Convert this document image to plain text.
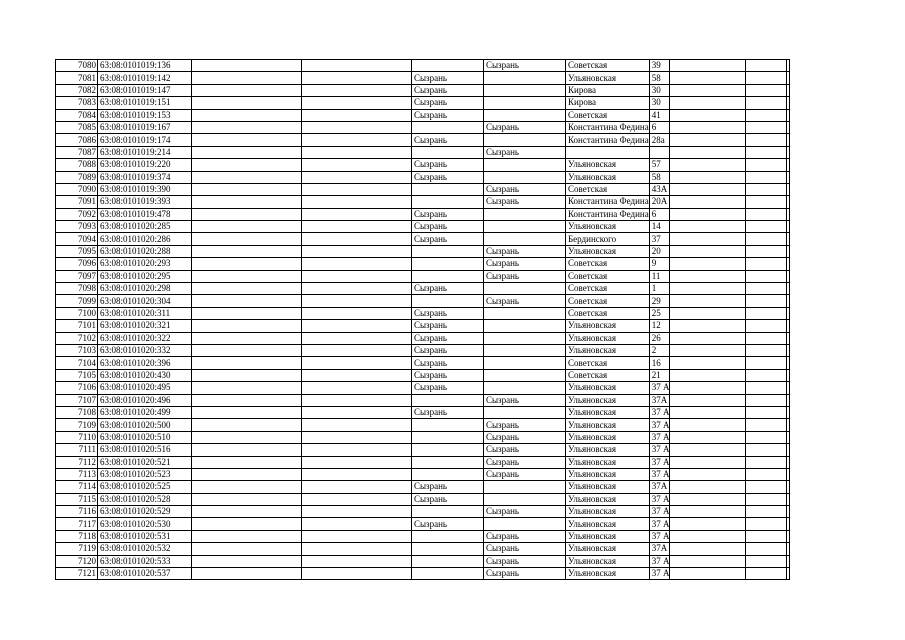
7080	63:08:0101019:136				Сызрань	Советская	39			
7081	63:08:0101019:142			Сызрань		Ульяновская	58			
7082	63:08:0101019:147			Сызрань		Кирова	30			
7083	63:08:0101019:151			Сызрань		Кирова	30			
7084	63:08:0101019:153			Сызрань		Советская	41			
7085	63:08:0101019:167				Сызрань	Константина Федина	6			
7086	63:08:0101019:174			Сызрань		Константина Федина	28а			
7087	63:08:0101019:214				Сызрань					
7088	63:08:0101019:220			Сызрань		Ульяновская	57			
7089	63:08:0101019:374			Сызрань		Ульяновская	58			
7090	63:08:0101019:390				Сызрань	Советская	43А			
7091	63:08:0101019:393				Сызрань	Константина Федина	20А			
7092	63:08:0101019:478			Сызрань		Константина Федина	6			
7093	63:08:0101020:285			Сызрань		Ульяновская	14			
7094	63:08:0101020:286			Сызрань		Бердинского	37			
7095	63:08:0101020:288				Сызрань	Ульяновская	20			
7096	63:08:0101020:293				Сызрань	Советская	9			
7097	63:08:0101020:295				Сызрань	Советская	11			
7098	63:08:0101020:298			Сызрань		Советская	1			
7099	63:08:0101020:304				Сызрань	Советская	29			
7100	63:08:0101020:311			Сызрань		Советская	25			
7101	63:08:0101020:321			Сызрань		Ульяновская	12			
7102	63:08:0101020:322			Сызрань		Ульяновская	26			
7103	63:08:0101020:332			Сызрань		Ульяновская	2			
7104	63:08:0101020:396			Сызрань		Советская	16			
7105	63:08:0101020:430			Сызрань		Советская	21			
7106	63:08:0101020:495			Сызрань		Ульяновская	37 А			
7107	63:08:0101020:496				Сызрань	Ульяновская	37А			
7108	63:08:0101020:499			Сызрань		Ульяновская	37 А			
7109	63:08:0101020:500				Сызрань	Ульяновская	37 А			
7110	63:08:0101020:510				Сызрань	Ульяновская	37 А			
7111	63:08:0101020:516				Сызрань	Ульяновская	37 А			
7112	63:08:0101020:521				Сызрань	Ульяновская	37 А			
7113	63:08:0101020:523				Сызрань	Ульяновская	37 А			
7114	63:08:0101020:525			Сызрань		Ульяновская	37А			
7115	63:08:0101020:528			Сызрань		Ульяновская	37 А			
7116	63:08:0101020:529				Сызрань	Ульяновская	37 А			
7117	63:08:0101020:530			Сызрань		Ульяновская	37 А			
7118	63:08:0101020:531				Сызрань	Ульяновская	37 А			
7119	63:08:0101020:532				Сызрань	Ульяновская	37А			
7120	63:08:0101020:533				Сызрань	Ульяновская	37 А			
7121	63:08:0101020:537				Сызрань	Ульяновская	37 А			
